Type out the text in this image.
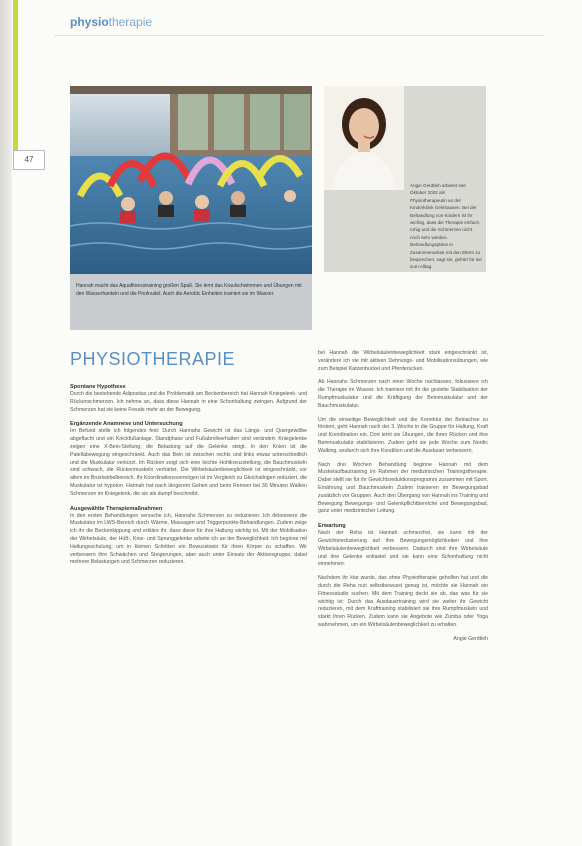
47
physiotherapie
Hannah macht das Aquafitnesstraining großen Spaß. Sie lernt das Kraulschwimmen und Übungen mit den Wasserhanteln und die Poolnudel. Auch die Aerobic Einheiten trainiert sie im Wasser.
Angie Gerdtleh arbeitet seit Oktober 2002 als Physiotherapeutin an der Kinderklinik Gelnhausen. Bei der Behandlung von Kindern ist ihr wichtig, dass die Therapie einfach, ruhig und die Schmerzen nicht noch sehr werden. Behandlungspläne in Zusammenarbeit mit den Eltern zu besprechen, sagt sie, gehört für sie zum Alltag.
PHYSIOTHERAPIE
Spontane Hypothese

Durch die bestehende Adipositas und die Problematik am Beckenbereich hat Hannah Kniegelenk- und Rückenschmerzen. Ich nehme an, dass diese Hannah in eine Schonhaltung zwingen. Aufgrund der Schmerzen hat sie keine Freude mehr an der Bewegung.

Ergänzende Anamnese und Untersuchung

Im Befund stelle ich folgendes fest: Durch Hannahs Gewicht ist das Längs- und Quergewölbe abgeflacht und ein Knickfußanlage. Standphase und Fußabrollverhalten sind verändert. Kniegelenke zeigen eine X-Bein-Stellung, die Belastung auf die Gelenke steigt. In den Knien ist die Patellabewegung eingeschränkt. Auch das Bein ist zwischen rechts und links etwas unterschiedlich und die Muskulatur verkürzt. Im Rücken zeigt sich eine leichte Hohlkreuzstellung, die Bauchmuskeln sind schwach, die Rückenmuskeln verhärtet. Die Wirbelsäulenbeweglichkeit ist eingeschränkt, vor allem im Brustwirbelbereich. Ihr Koordinationsvermögen ist im Vergleich zu Gleichaltrigen reduziert, die Muskulatur ist hypoton. Hannah hat nach längerem Gehen und beim Rennen bei 30 Minuten Walken Schmerzen im Kniegelenk, die sie als dumpf beschreibt.

Ausgewählte Therapiemaßnahmen

In den ersten Behandlungen versuche ich, Hannahs Schmerzen zu reduzieren. Ich detonisiere die Muskulatur im LWS-Bereich durch Wärme, Massagen und Triggerpunkte-Behandlungen. Zudem zeige ich ihr die Beckenkippung und erkläre ihr, dass diese für ihre Haltung wichtig ist. Mit der Mobilisation der Wirbelsäule, der Hüft-, Knie- und Sprunggelenke arbeite ich an der Beweglichkeit. Ich beginne mit Haltungsschulung, um in kleinen Schritten ein Bewusstsein für ihren Körper zu schaffen. Wir verbessern ihre Schwächen und Steigerungen, aber auch unter Einsatz der Aktionsgruppe, dabei mehrere Belastungen und Schmerzen reduzieren.

bei Hannah die Wirbelsäulenbeweglichkeit stark eingeschränkt ist, verändere ich sie mit aktiven Dehnungs- und Mobilisationsübungen, wie zum Beispiel Katzenbuckel und Pferderücken.

Ab Hannahs Schmerzen nach einer Woche nachlassen, fokussiere ich die Therapie im Wasser. Ich trainiere mit ihr die gezielte Stabilisation der Rumpfmuskulatur und die Kräftigung der Beinmuskulatur und der Bauchmuskulatur.

Um die einseitige Beweglichkeit und die Korrektur der Beinachse zu fördern, geht Hannah nach der 3. Woche in die Gruppe für Haltung, Kraft und Koordination ein. Dort lernt sie Übungen, die ihren Rücken und ihre Beinmuskulatur stabilisieren. Zudem geht sie jede Woche zum Nordic Walking, wodurch sich ihre Kondition und die Ausdauer verbessern.

Nach drei Wochen Behandlung beginne Hannah mit dem Muskelaufbautraining im Rahmen der medizinischen Trainingstherapie. Dabei stellt sie für ihr Gewichtsreduktionsprogramm zusammen mit Sport, Ernährung und Bauchmuskeln Zudem trainieren im Bewegungsbad zusätzlich vor Gruppen. Auch den Übergang von Hannah ins Training und Bewegung Bewegungs- und Gelenkpflichtbereiche und Bewegungsbad, ganz unter medizinischer Leitung.

Erwartung

Nach der Reha ist Hannah schmerzfrei, sie kann mit der Gewichtsreduzierung auf ihre Bewegungsmöglichkeiten und ihre Wirbelsäulenbeweglichkeit verbessern. Dadurch sind ihre Wirbelsäule und ihre Gelenke entlastet und sie kann eine Schonhaltung nicht einnehmen.

Nachdem ihr klar wurde, das ohne Physiotherapie geholfen hat und die durch die Reha nun selbstbewusst genug ist, möchte sie Hannah ein Fitnessstudio suchen. Mit dem Training deckt sie ab, das was für sie wichtig ist: Durch das Ausdauertraining wird sie weiter ihr Gewicht reduzieren, mit dem Krafttraining stabilisiert sie ihre Rumpfmuskeln und stärkt ihren Rücken. Zudem kann sie Angebote wie Zumba oder Yoga wahrnehmen, um ein Wirbelsäulenbeweglichkeit zu erhalten.

Angie Gerdtleh
